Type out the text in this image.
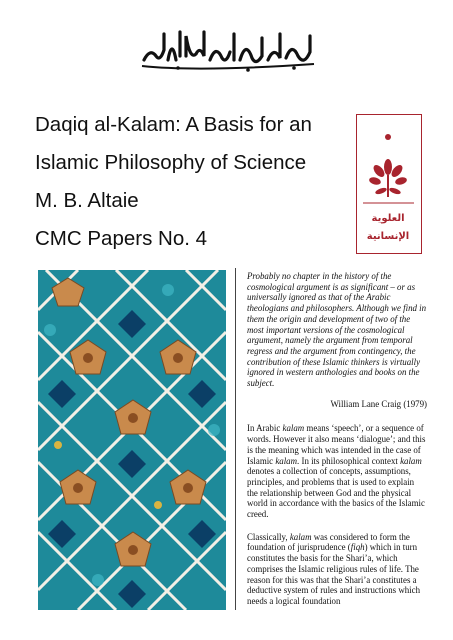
Daqiq al-Kalam: A Basis for an
Islamic Philosophy of Science
M. B. Altaie
CMC Papers No. 4
العلوية
الإنسانية

Probably no chapter in the history of the cosmological argument is as significant – or as universally ignored as that of the Arabic theologians and philosophers. Although we find in them the origin and development of two of the most important versions of the cosmological argument, namely the argument from temporal regress and the argument from contingency, the contribution of these Islamic thinkers is virtually ignored in western anthologies and books on the subject.

William Lane Craig (1979)

In Arabic kalam means ‘speech’, or a sequence of words. However it also means ‘dialogue’; and this is the meaning which was intended in the case of Islamic kalam. In its philosophical context kalam denotes a collection of concepts, assumptions, principles, and problems that is used to explain the relationship between God and the physical world in accordance with the basics of the Islamic creed.

Classically, kalam was considered to form the foundation of jurisprudence (fiqh) which in turn constitutes the basis for the Shari’a, which comprises the Islamic religious rules of life. The reason for this was that the Shari’a constitutes a deductive system of rules and instructions which needs a logical foundation
